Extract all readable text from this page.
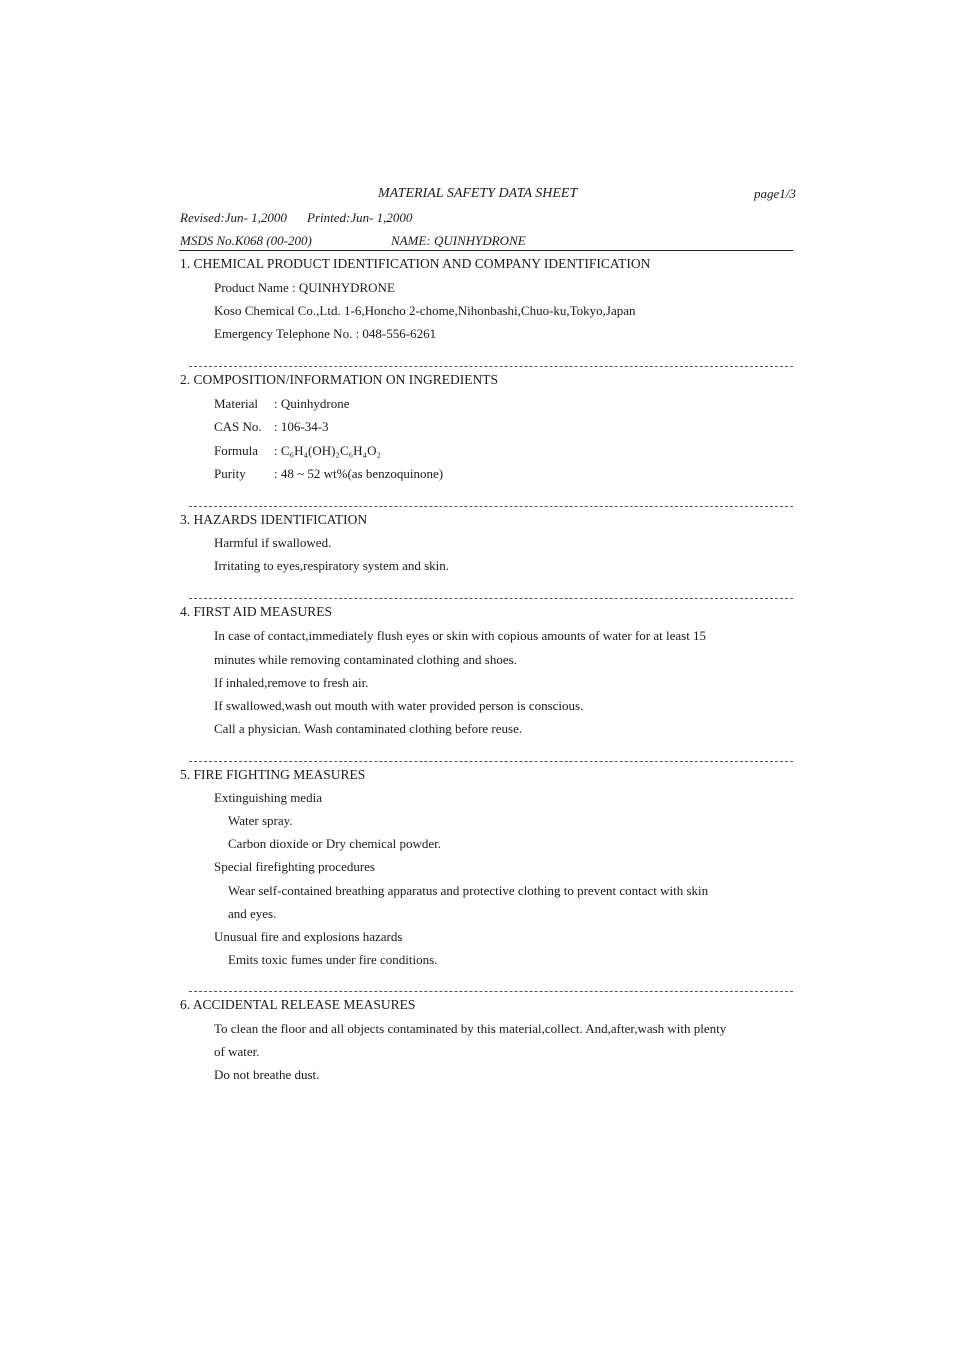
MATERIAL SAFETY DATA SHEET	page1/3
Revised:Jun- 1,2000 Printed:Jun- 1,2000
MSDS No.K068 (00-200)	NAME: QUINHYDRONE
1. CHEMICAL PRODUCT IDENTIFICATION AND COMPANY IDENTIFICATION
Product Name : QUINHYDRONE
Koso Chemical Co.,Ltd. 1-6,Honcho 2-chome,Nihonbashi,Chuo-ku,Tokyo,Japan
Emergency Telephone No. : 048-556-6261
2. COMPOSITION/INFORMATION ON INGREDIENTS
Material : Quinhydrone
CAS No. : 106-34-3
Formula : C₆H₄(OH)₂C₆H₄O₂
Purity : 48 ~ 52 wt%(as benzoquinone)
3. HAZARDS IDENTIFICATION
Harmful if swallowed.
Irritating to eyes,respiratory system and skin.
4. FIRST AID MEASURES
In case of contact,immediately flush eyes or skin with copious amounts of water for at least 15
minutes while removing contaminated clothing and shoes.
If inhaled,remove to fresh air.
If swallowed,wash out mouth with water provided person is conscious.
Call a physician. Wash contaminated clothing before reuse.
5. FIRE FIGHTING MEASURES
Extinguishing media
Water spray.
Carbon dioxide or Dry chemical powder.
Special firefighting procedures
Wear self-contained breathing apparatus and protective clothing to prevent contact with skin
and eyes.
Unusual fire and explosions hazards
Emits toxic fumes under fire conditions.
6. ACCIDENTAL RELEASE MEASURES
To clean the floor and all objects contaminated by this material,collect. And,after,wash with plenty
of water.
Do not breathe dust.
